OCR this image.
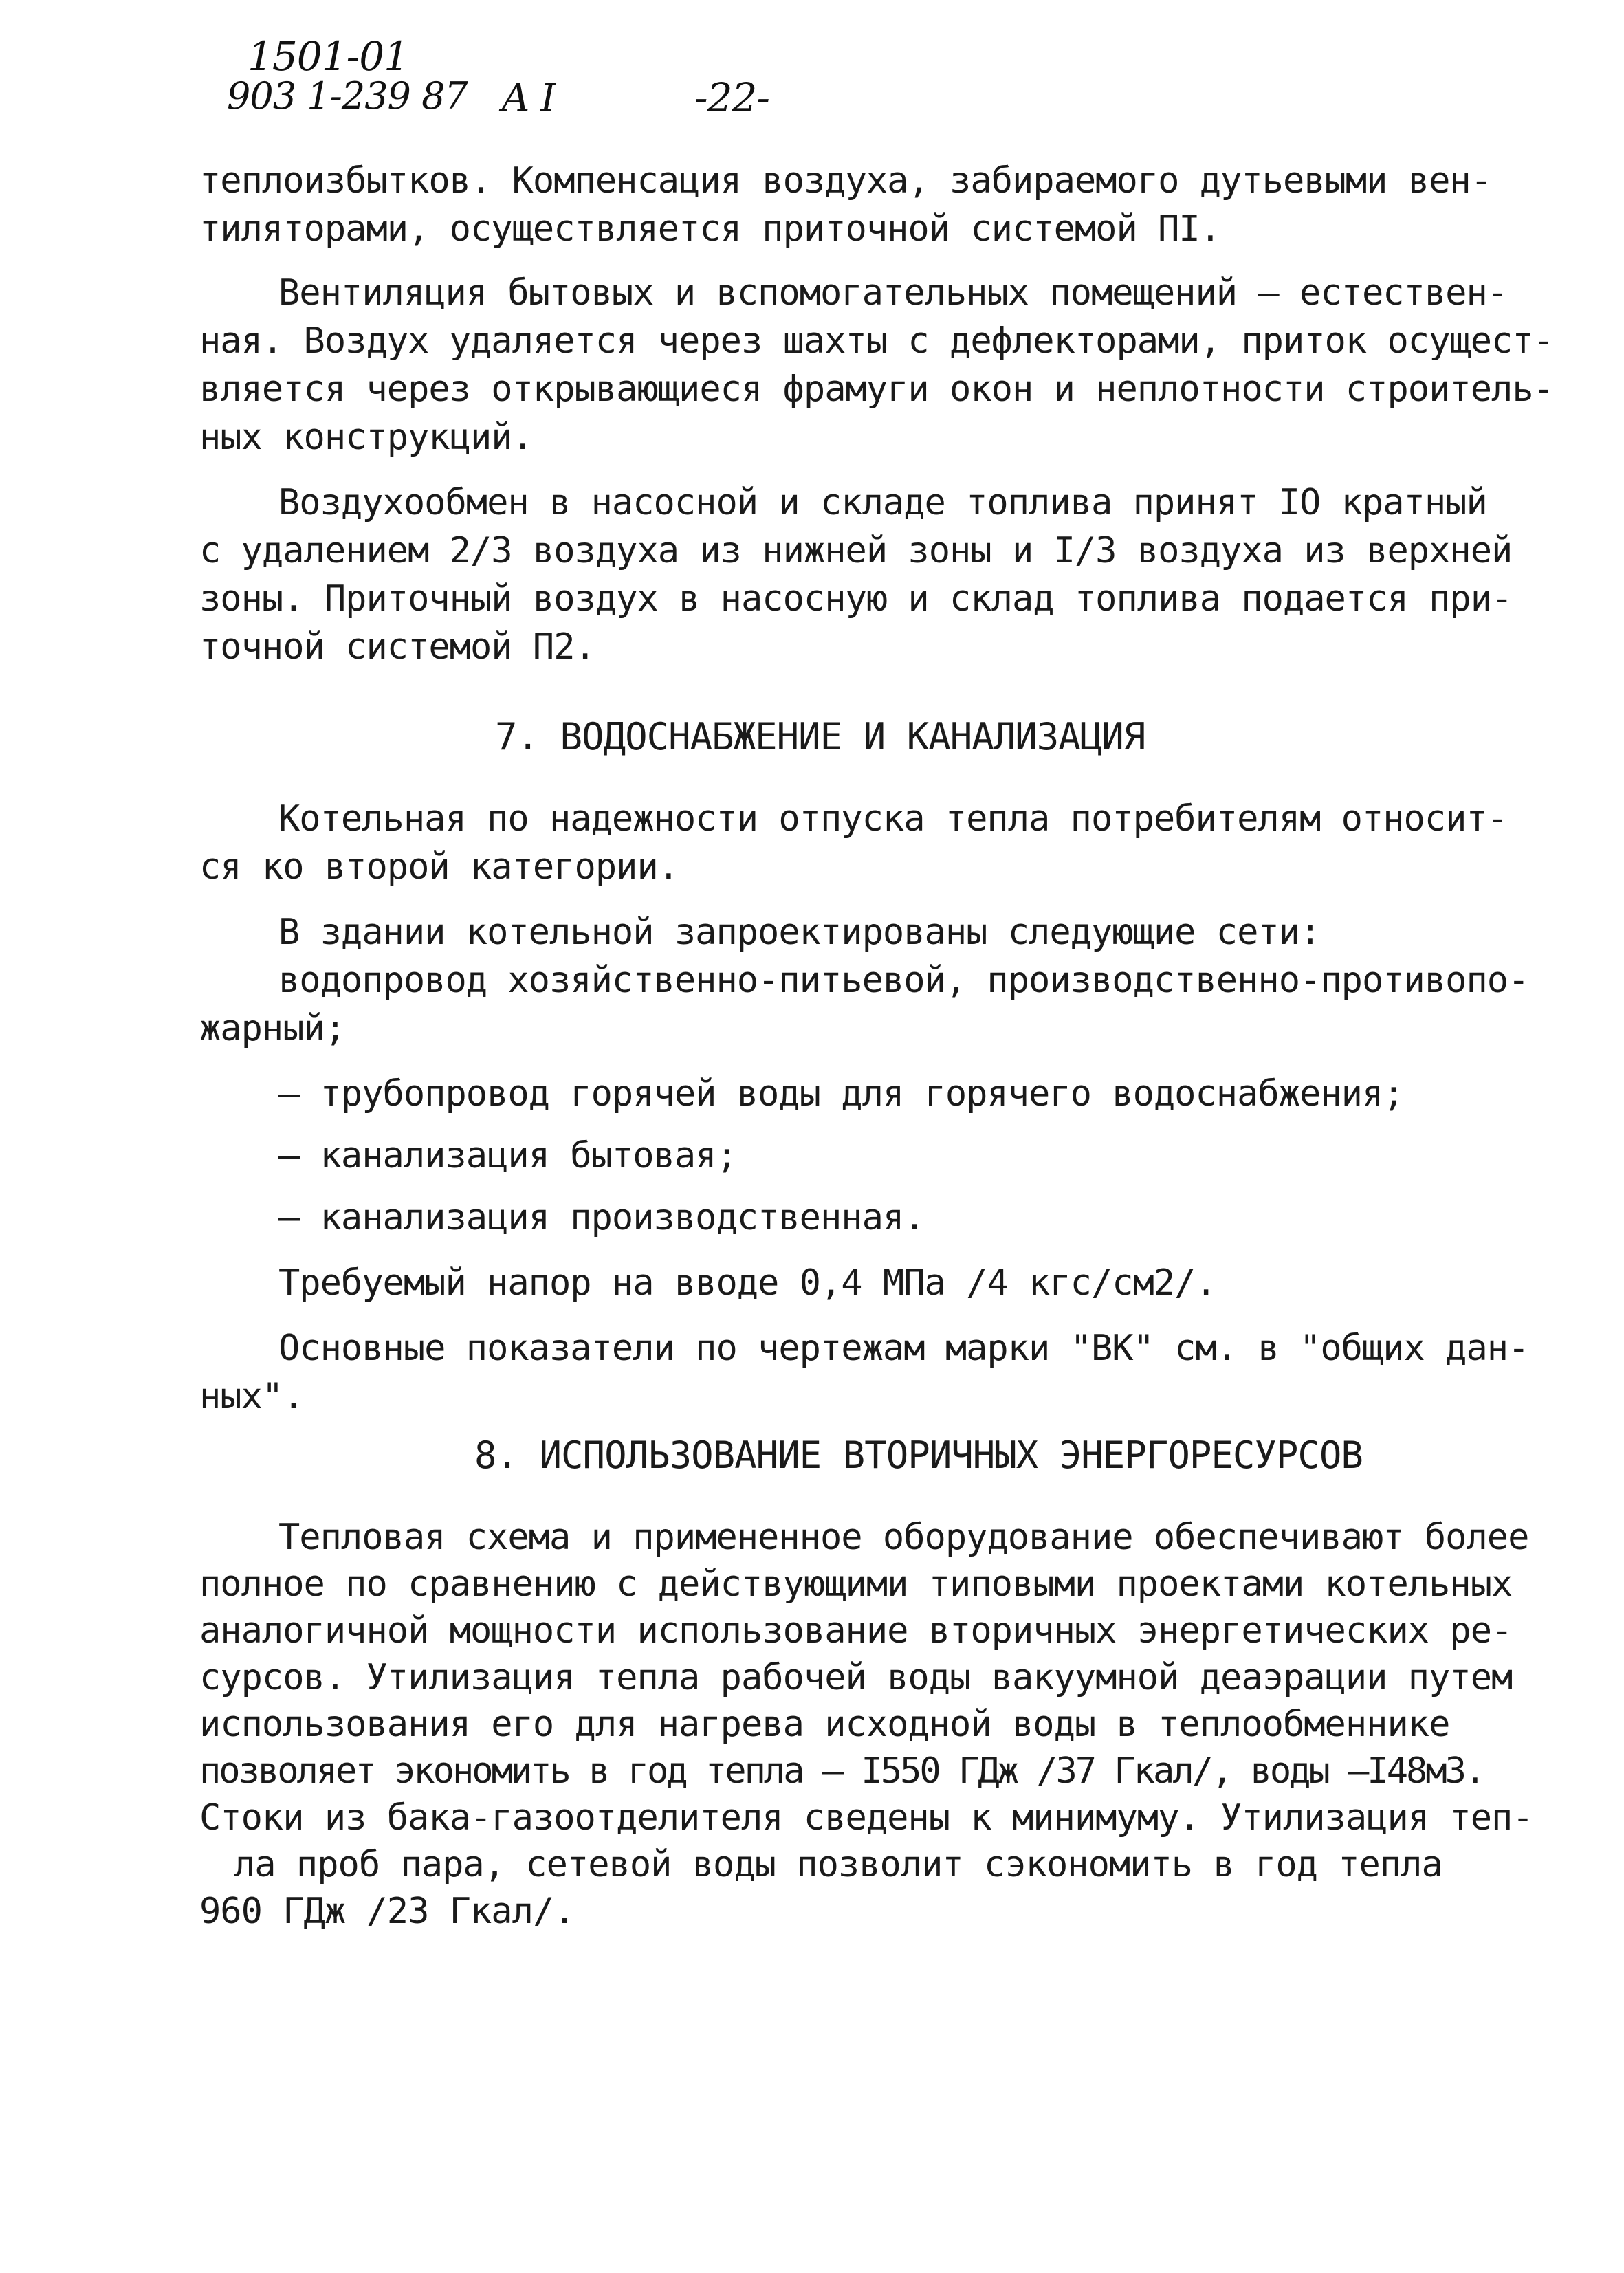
1501-01
903 1-239 87 A I	-22-
теплоизбытков. Компенсация воздуха, забираемого дутьевыми вен-
тиляторами, осуществляется приточной системой ПI.
Вентиляция бытовых и вспомогательных помещений – естествен-
ная. Воздух удаляется через шахты с дефлекторами, приток осущест-
вляется через открывающиеся фрамуги окон и неплотности строитель-
ных конструкций.
Воздухообмен в насосной и складе топлива принят IO кратный
с удалением 2/3 воздуха из нижней зоны и I/3 воздуха из верхней
зоны. Приточный воздух в насосную и склад топлива подается при-
точной системой П2.
7. ВОДОСНАБЖЕНИЕ И КАНАЛИЗАЦИЯ
Котельная по надежности отпуска тепла потребителям относит-
ся ко второй категории.
В здании котельной запроектированы следующие сети:
водопровод хозяйственно-питьевой, производственно-противопо-
жарный;
– трубопровод горячей воды для горячего водоснабжения;
– канализация бытовая;
– канализация производственная.
Требуемый напор на вводе 0,4 МПа /4 кгс/см2/.
Основные показатели по чертежам марки "ВК" см. в "общих дан-
ных".
8. ИСПОЛЬЗОВАНИЕ ВТОРИЧНЫХ ЭНЕРГОРЕСУРСОВ
Тепловая схема и примененное оборудование обеспечивают более
полное по сравнению с действующими типовыми проектами котельных
аналогичной мощности использование вторичных энергетических ре-
сурсов. Утилизация тепла рабочей воды вакуумной деаэрации путем
использования его для нагрева исходной воды в теплообменнике
позволяет экономить в год тепла – I550 ГДж /37 Гкал/, воды –I48м3.
Стоки из бака-газоотделителя сведены к минимуму. Утилизация теп-
ла проб пара, сетевой воды позволит сэкономить в год тепла
960 ГДж /23 Гкал/.
